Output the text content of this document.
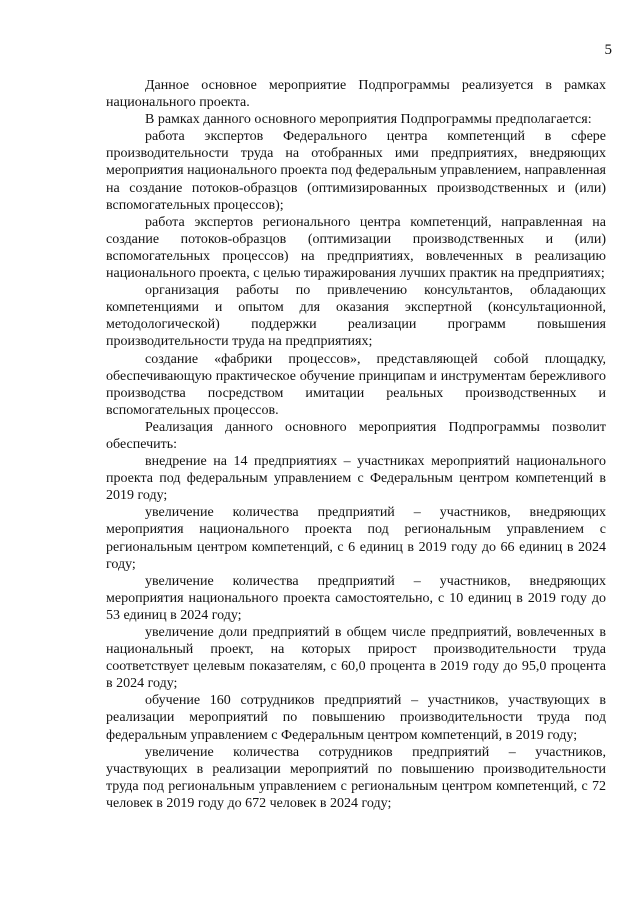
5

Данное основное мероприятие Подпрограммы реализуется в рамках национального проекта.

В рамках данного основного мероприятия Подпрограммы предполагается:

работа экспертов Федерального центра компетенций в сфере производительности труда на отобранных ими предприятиях, внедряющих мероприятия национального проекта под федеральным управлением, направленная на создание потоков-образцов (оптимизированных производственных и (или) вспомогательных процессов);

работа экспертов регионального центра компетенций, направленная на создание потоков-образцов (оптимизации производственных и (или) вспомогательных процессов) на предприятиях, вовлеченных в реализацию национального проекта, с целью тиражирования лучших практик на предприятиях;

организация работы по привлечению консультантов, обладающих компетенциями и опытом для оказания экспертной (консультационной, методологической) поддержки реализации программ повышения производительности труда на предприятиях;

создание «фабрики процессов», представляющей собой площадку, обеспечивающую практическое обучение принципам и инструментам бережливого производства посредством имитации реальных производственных и вспомогательных процессов.

Реализация данного основного мероприятия Подпрограммы позволит обеспечить:

внедрение на 14 предприятиях – участниках мероприятий национального проекта под федеральным управлением с Федеральным центром компетенций в 2019 году;

увеличение количества предприятий – участников, внедряющих мероприятия национального проекта под региональным управлением с региональным центром компетенций, с 6 единиц в 2019 году до 66 единиц в 2024 году;

увеличение количества предприятий – участников, внедряющих мероприятия национального проекта самостоятельно, с 10 единиц в 2019 году до 53 единиц в 2024 году;

увеличение доли предприятий в общем числе предприятий, вовлеченных в национальный проект, на которых прирост производительности труда соответствует целевым показателям, с 60,0 процента в 2019 году до 95,0 процента в 2024 году;

обучение 160 сотрудников предприятий – участников, участвующих в реализации мероприятий по повышению производительности труда под федеральным управлением с Федеральным центром компетенций, в 2019 году;

увеличение количества сотрудников предприятий – участников, участвующих в реализации мероприятий по повышению производительности труда под региональным управлением с региональным центром компетенций, с 72 человек в 2019 году до 672 человек в 2024 году;
